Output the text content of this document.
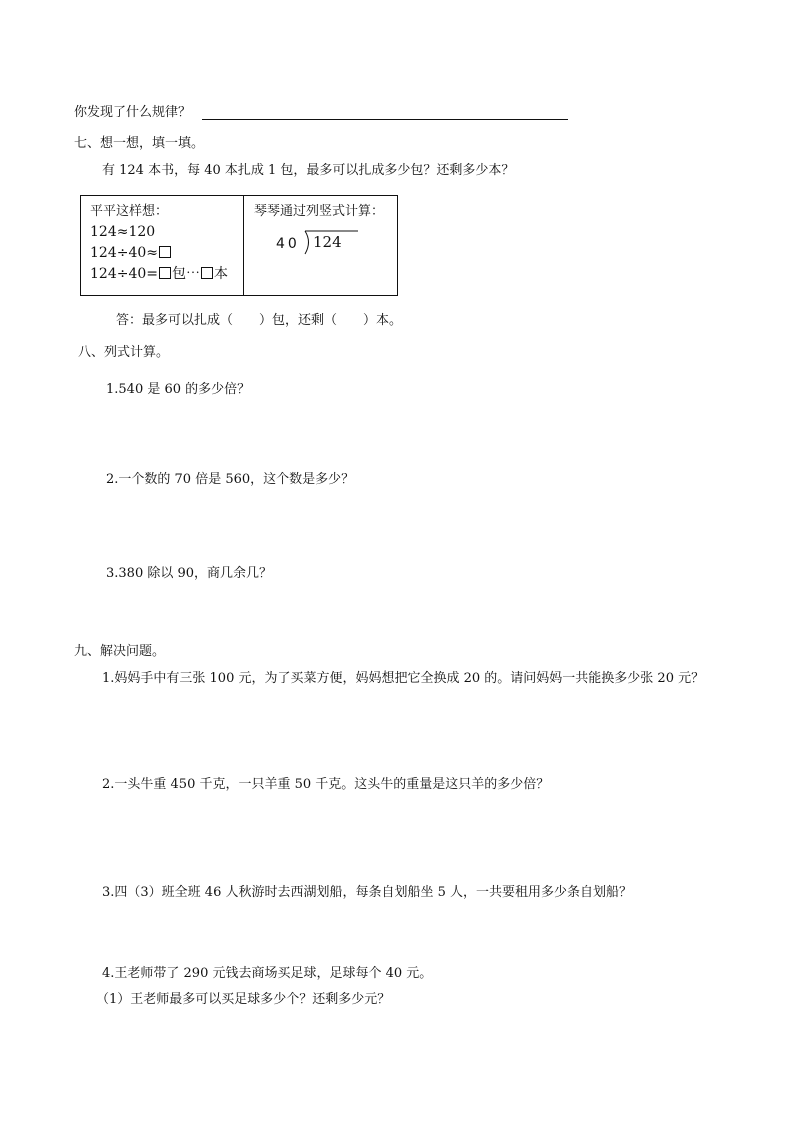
你发现了什么规律？
七、想一想，填一填。
有 124 本书，每 40 本扎成 1 包，最多可以扎成多少包？还剩多少本？
平平这样想：
124≈120
124÷40≈
124÷40= 包⋯ 本
琴琴通过列竖式计算：
40 124
答：最多可以扎成（　　）包，还剩（　　）本。
八、列式计算。
1.540 是 60 的多少倍？
2.一个数的 70 倍是 560，这个数是多少？
3.380 除以 90，商几余几？
九、解决问题。
1.妈妈手中有三张 100 元，为了买菜方便，妈妈想把它全换成 20 的。请问妈妈一共能换多少张 20 元？
2.一头牛重 450 千克，一只羊重 50 千克。这头牛的重量是这只羊的多少倍？
3.四（3）班全班 46 人秋游时去西湖划船，每条自划船坐 5 人，一共要租用多少条自划船？
4.王老师带了 290 元钱去商场买足球，足球每个 40 元。
（1）王老师最多可以买足球多少个？还剩多少元？
